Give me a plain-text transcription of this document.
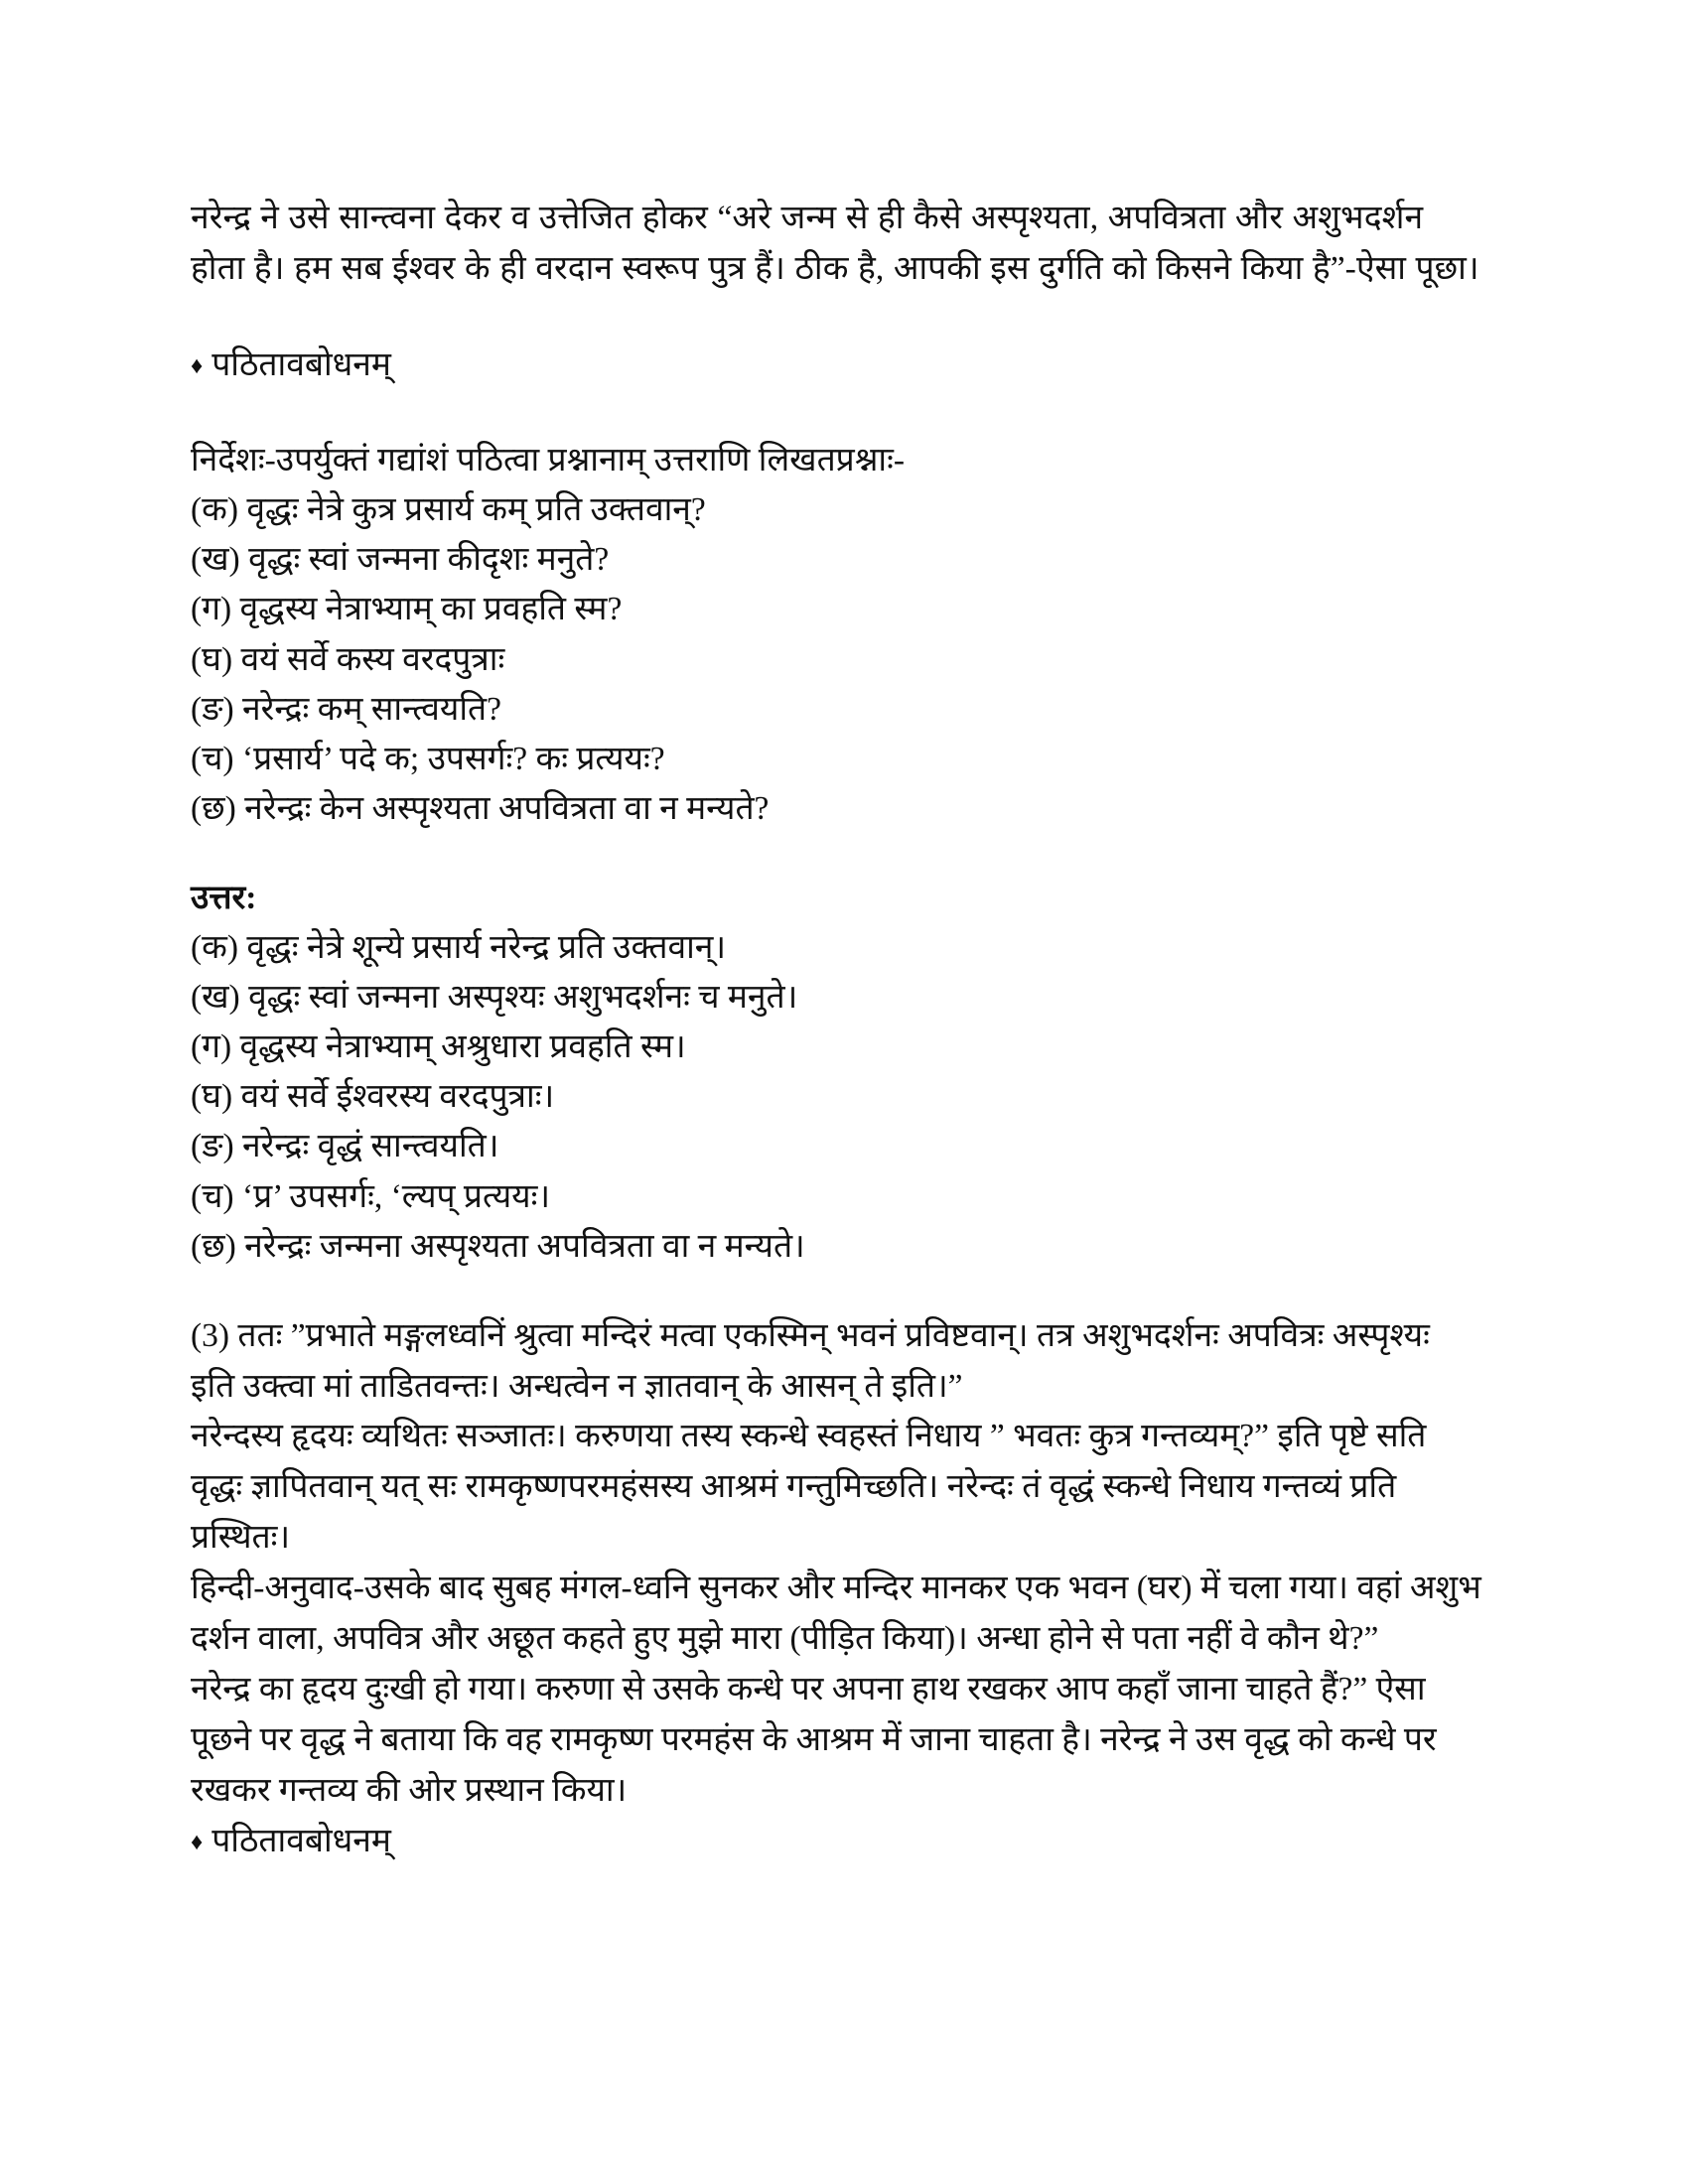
नरेन्द्र ने उसे सान्त्वना देकर व उत्तेजित होकर “अरे जन्म से ही कैसे अस्पृश्यता, अपवित्रता और अशुभदर्शन होता है। हम सब ईश्वर के ही वरदान स्वरूप पुत्र हैं। ठीक है, आपकी इस दुर्गति को किसने किया है”-ऐसा पूछा।

♦ पठितावबोधनम्

निर्देशः-उपर्युक्तं गद्यांशं पठित्वा प्रश्नानाम् उत्तराणि लिखतप्रश्नाः-

(क) वृद्धः नेत्रे कुत्र प्रसार्य कम् प्रति उक्तवान्?
(ख) वृद्धः स्वां जन्मना कीदृशः मनुते?
(ग) वृद्धस्य नेत्राभ्याम् का प्रवहति स्म?
(घ) वयं सर्वे कस्य वरदपुत्राः
(ङ) नरेन्द्रः कम् सान्त्वयति?
(च) ‘प्रसार्य’ पदे क; उपसर्गः? कः प्रत्ययः?
(छ) नरेन्द्रः केन अस्पृश्यता अपवित्रता वा न मन्यते?

उत्तर:

(क) वृद्धः नेत्रे शून्ये प्रसार्य नरेन्द्र प्रति उक्तवान्।
(ख) वृद्धः स्वां जन्मना अस्पृश्यः अशुभदर्शनः च मनुते।
(ग) वृद्धस्य नेत्राभ्याम् अश्रुधारा प्रवहति स्म।
(घ) वयं सर्वे ईश्वरस्य वरदपुत्राः।
(ङ) नरेन्द्रः वृद्धं सान्त्वयति।
(च) ‘प्र’ उपसर्गः, ‘ल्यप् प्रत्ययः।
(छ) नरेन्द्रः जन्मना अस्पृश्यता अपवित्रता वा न मन्यते।

(3) ततः ”प्रभाते मङ्गलध्वनिं श्रुत्वा मन्दिरं मत्वा एकस्मिन् भवनं प्रविष्टवान्। तत्र अशुभदर्शनः अपवित्रः अस्पृश्यः इति उक्त्वा मां ताडितवन्तः। अन्धत्वेन न ज्ञातवान् के आसन् ते इति।”

नरेन्दस्य हृदयः व्यथितः सञ्जातः। करुणया तस्य स्कन्धे स्वहस्तं निधाय ” भवतः कुत्र गन्तव्यम्?” इति पृष्टे सति वृद्धः ज्ञापितवान् यत् सः रामकृष्णपरमहंसस्य आश्रमं गन्तुमिच्छति। नरेन्दः तं वृद्धं स्कन्धे निधाय गन्तव्यं प्रति प्रस्थितः।

हिन्दी-अनुवाद-उसके बाद सुबह मंगल-ध्वनि सुनकर और मन्दिर मानकर एक भवन (घर) में चला गया। वहां अशुभ दर्शन वाला, अपवित्र और अछूत कहते हुए मुझे मारा (पीड़ित किया)। अन्धा होने से पता नहीं वे कौन थे?”

नरेन्द्र का हृदय दुःखी हो गया। करुणा से उसके कन्धे पर अपना हाथ रखकर आप कहाँ जाना चाहते हैं?” ऐसा पूछने पर वृद्ध ने बताया कि वह रामकृष्ण परमहंस के आश्रम में जाना चाहता है। नरेन्द्र ने उस वृद्ध को कन्धे पर रखकर गन्तव्य की ओर प्रस्थान किया।

♦ पठितावबोधनम्
